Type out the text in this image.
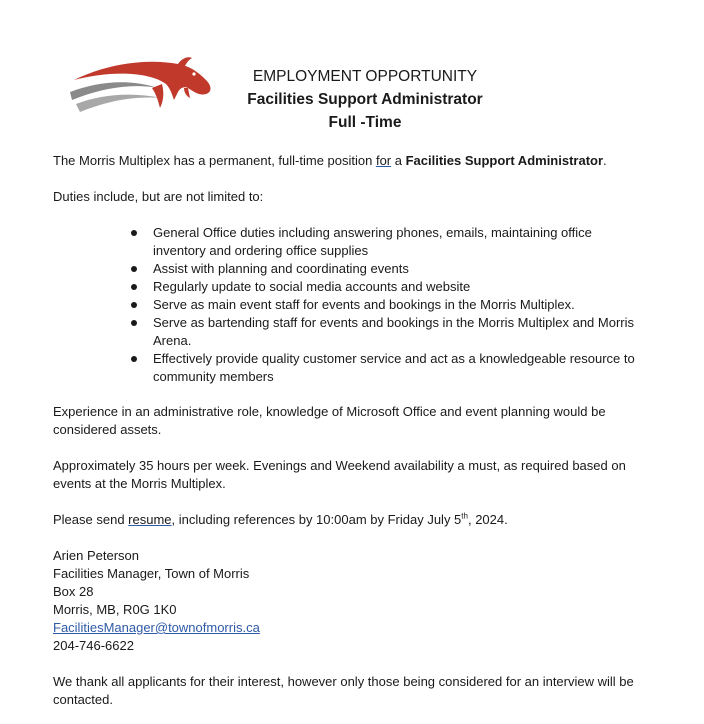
EMPLOYMENT OPPORTUNITY
Facilities Support Administrator
Full -Time

The Morris Multiplex has a permanent, full-time position for a Facilities Support Administrator.

Duties include, but are not limited to:

General Office duties including answering phones, emails, maintaining office inventory and ordering office supplies
Assist with planning and coordinating events
Regularly update to social media accounts and website
Serve as main event staff for events and bookings in the Morris Multiplex.
Serve as bartending staff for events and bookings in the Morris Multiplex and Morris Arena.
Effectively provide quality customer service and act as a knowledgeable resource to community members

Experience in an administrative role, knowledge of Microsoft Office and event planning would be considered assets.

Approximately 35 hours per week. Evenings and Weekend availability a must, as required based on events at the Morris Multiplex.

Please send resume, including references by 10:00am by Friday July 5th, 2024.

Arien Peterson

Facilities Manager, Town of Morris

Box 28

Morris, MB, R0G 1K0

FacilitiesManager@townofmorris.ca

204-746-6622

We thank all applicants for their interest, however only those being considered for an interview will be contacted.
